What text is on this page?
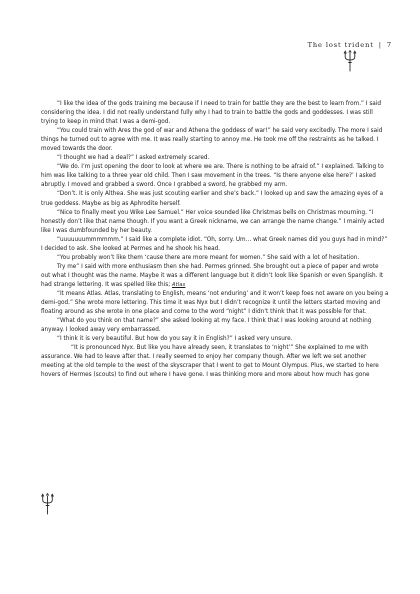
The lost trident | 7

“I like the idea of the gods training me because if I need to train for battle they are the best to learn from.” I said considering the idea. I did not really understand fully why I had to train to battle the gods and goddesses. I was still trying to keep in mind that I was a demi-god.

“You could train with Ares the god of war and Athena the goddess of war!” he said very excitedly. The more I said things he turned out to agree with me. It was really starting to annoy me. He took me off the restraints as he talked. I moved towards the door.

“I thought we had a deal?” I asked extremely scared.

“We do. I’m just opening the door to look at where we are. There is nothing to be afraid of.” I explained. Talking to him was like talking to a three year old child. Then I saw movement in the trees. “Is there anyone else here?’ I asked abruptly. I moved and grabbed a sword. Once I grabbed a sword, he grabbed my arm.

“Don’t. It is only Althea. She was just scouting earlier and she’s back.” I looked up and saw the amazing eyes of a true goddess. Maybe as big as Aphrodite herself.

“Nice to finally meet you Wike Lee Samuel.” Her voice sounded like Christmas bells on Christmas mourning. “I honestly don’t like that name though. If you want a Greek nickname, we can arrange the name change.” I mainly acted like I was dumbfounded by her beauty.

“uuuuuuummmmmm.” I said like a complete idiot. “Oh, sorry. Um… what Greek names did you guys had in mind?” I decided to ask. She looked at Permes and he shook his head.

“You probably won’t like them ‘cause there are more meant for women.” She said with a lot of hesitation.

Try me” I said with more enthusiasm then she had. Permes grinned. She brought out a piece of paper and wrote out what I thought was the name. Maybe it was a different language but it didn’t look like Spanish or even Spanglish. It had strange lettering. It was spelled like this; Atlas

“It means Atlas. Atlas, translating to English, means ‘not enduring’ and it won’t keep foes not aware on you being a demi-god.” She wrote more lettering. This time it was Nyx but I didn’t recognize it until the letters started moving and floating around as she wrote in one place and come to the word “night” I didn’t think that it was possible for that.

“What do you think on that name?” she asked looking at my face. I think that I was looking around at nothing anyway. I looked away very embarrassed.

“I think it is very beautiful. But how do you say it in English?” I asked very unsure.

“It is pronounced Nyx. But like you have already seen, it translates to ‘night’” She explained to me with assurance. We had to leave after that. I really seemed to enjoy her company though. After we left we set another meeting at the old temple to the west of the skyscraper that I went to get to Mount Olympus. Plus, we started to here hovers of Hermes (scouts) to find out where I have gone. I was thinking more and more about how much has gone
